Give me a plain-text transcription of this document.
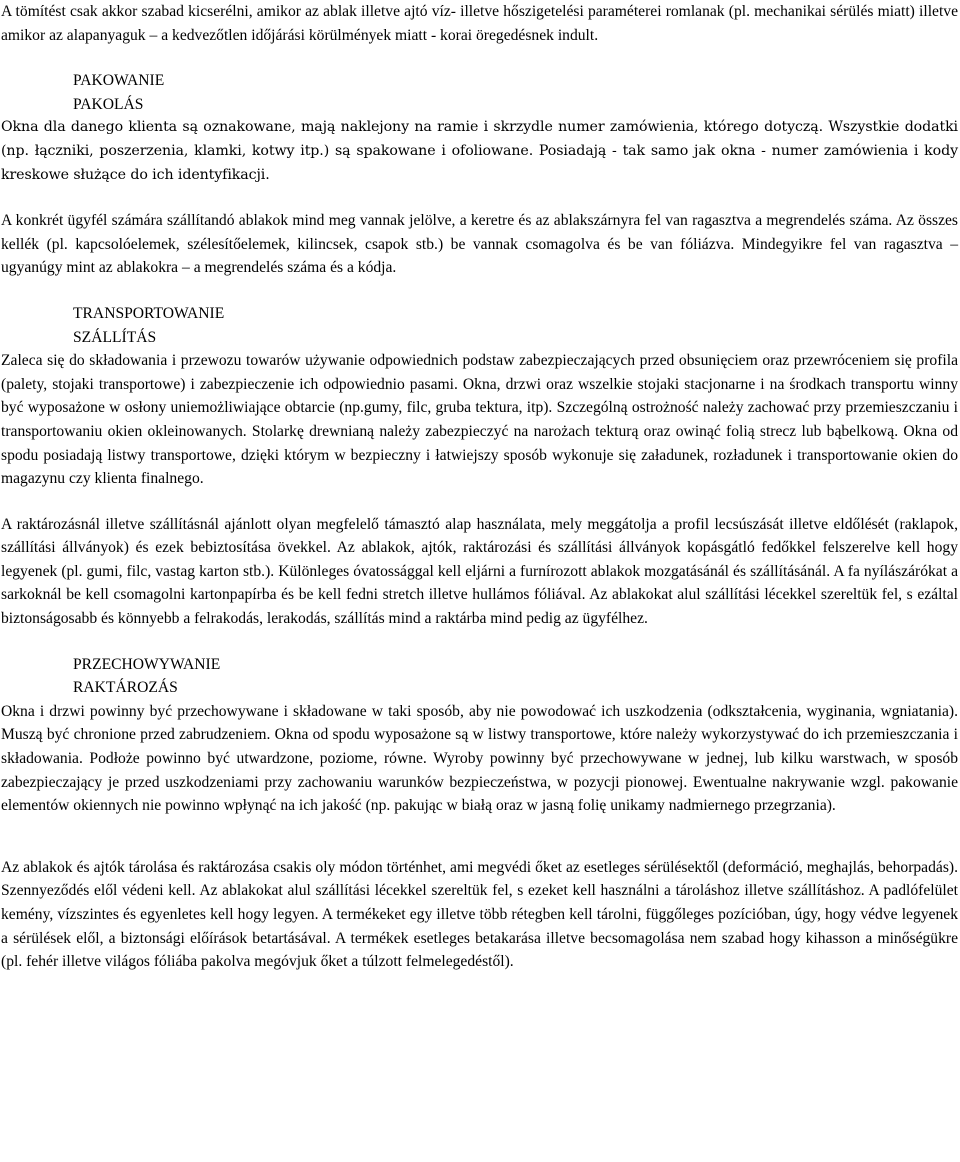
A tömítést csak akkor szabad kicserélni, amikor az ablak illetve ajtó víz- illetve hőszigetelési paraméterei romlanak (pl. mechanikai sérülés miatt) illetve amikor az alapanyaguk – a kedvezőtlen időjárási körülmények miatt - korai öregedésnek indult.

PAKOWANIE
PAKOLÁS

Okna dla danego klienta są oznakowane, mają naklejony na ramie i skrzydle numer zamówienia, którego dotyczą. Wszystkie dodatki (np. łączniki, poszerzenia, klamki, kotwy itp.) są spakowane i ofoliowane. Posiadają - tak samo jak okna - numer zamówienia i kody kreskowe służące do ich identyfikacji.

A konkrét ügyfél számára szállítandó ablakok mind meg vannak jelölve, a keretre és az ablakszárnyra fel van ragasztva a megrendelés száma. Az összes kellék (pl. kapcsolóelemek, szélesítőelemek, kilincsek, csapok stb.) be vannak csomagolva és be van fóliázva. Mindegyikre fel van ragasztva – ugyanúgy mint az ablakokra – a megrendelés száma és a kódja.

TRANSPORTOWANIE
SZÁLLÍTÁS

Zaleca się do składowania i przewozu towarów używanie odpowiednich podstaw zabezpieczających przed obsunięciem oraz przewróceniem się profila (palety, stojaki transportowe) i zabezpieczenie ich odpowiednio pasami. Okna, drzwi oraz wszelkie stojaki stacjonarne i na środkach transportu winny być wyposażone w osłony uniemożliwiające obtarcie (np.gumy, filc, gruba tektura, itp). Szczególną ostrożność należy zachować przy przemieszczaniu i transportowaniu okien okleinowanych. Stolarkę drewnianą należy zabezpieczyć na narożach tekturą oraz owinąć folią strecz lub bąbelkową. Okna od spodu posiadają listwy transportowe, dzięki którym w bezpieczny i łatwiejszy sposób wykonuje się załadunek, rozładunek i transportowanie okien do magazynu czy klienta finalnego.

A raktározásnál illetve szállításnál ajánlott olyan megfelelő támasztó alap használata, mely meggátolja a profil lecsúszását illetve eldőlését (raklapok, szállítási állványok) és ezek bebiztosítása övekkel. Az ablakok, ajtók, raktározási és szállítási állványok kopásgátló fedőkkel felszerelve kell hogy legyenek (pl. gumi, filc, vastag karton stb.). Különleges óvatossággal kell eljárni a furnírozott ablakok mozgatásánál és szállításánál. A fa nyílászárókat a sarkoknál be kell csomagolni kartonpapírba és be kell fedni stretch illetve hullámos fóliával. Az ablakokat alul szállítási lécekkel szereltük fel, s ezáltal biztonságosabb és könnyebb a felrakodás, lerakodás, szállítás mind a raktárba mind pedig az ügyfélhez.

PRZECHOWYWANIE
RAKTÁROZÁS

Okna i drzwi powinny być przechowywane i składowane w taki sposób, aby nie powodować ich uszkodzenia (odkształcenia, wyginania, wgniatania). Muszą być chronione przed zabrudzeniem. Okna od spodu wyposażone są w listwy transportowe, które należy wykorzystywać do ich przemieszczania i składowania. Podłoże powinno być utwardzone, poziome, równe. Wyroby powinny być przechowywane w jednej, lub kilku warstwach, w sposób zabezpieczający je przed uszkodzeniami przy zachowaniu warunków bezpieczeństwa, w pozycji pionowej. Ewentualne nakrywanie wzgl. pakowanie elementów okiennych nie powinno wpłynąć na ich jakość (np. pakując w białą oraz w jasną folię unikamy nadmiernego przegrzania).

Az ablakok és ajtók tárolása és raktározása csakis oly módon történhet, ami megvédi őket az esetleges sérülésektől (deformáció, meghajlás, behorpadás). Szennyeződés elől védeni kell. Az ablakokat alul szállítási lécekkel szereltük fel, s ezeket kell használni a tároláshoz illetve szállításhoz. A padlófelület kemény, vízszintes és egyenletes kell hogy legyen. A termékeket egy illetve több rétegben kell tárolni, függőleges pozícióban, úgy, hogy védve legyenek a sérülések elől, a biztonsági előírások betartásával. A termékek esetleges betakarása illetve becsomagolása nem szabad hogy kihasson a minőségükre (pl. fehér illetve világos fóliába pakolva megóvjuk őket a túlzott felmelegedéstől).
